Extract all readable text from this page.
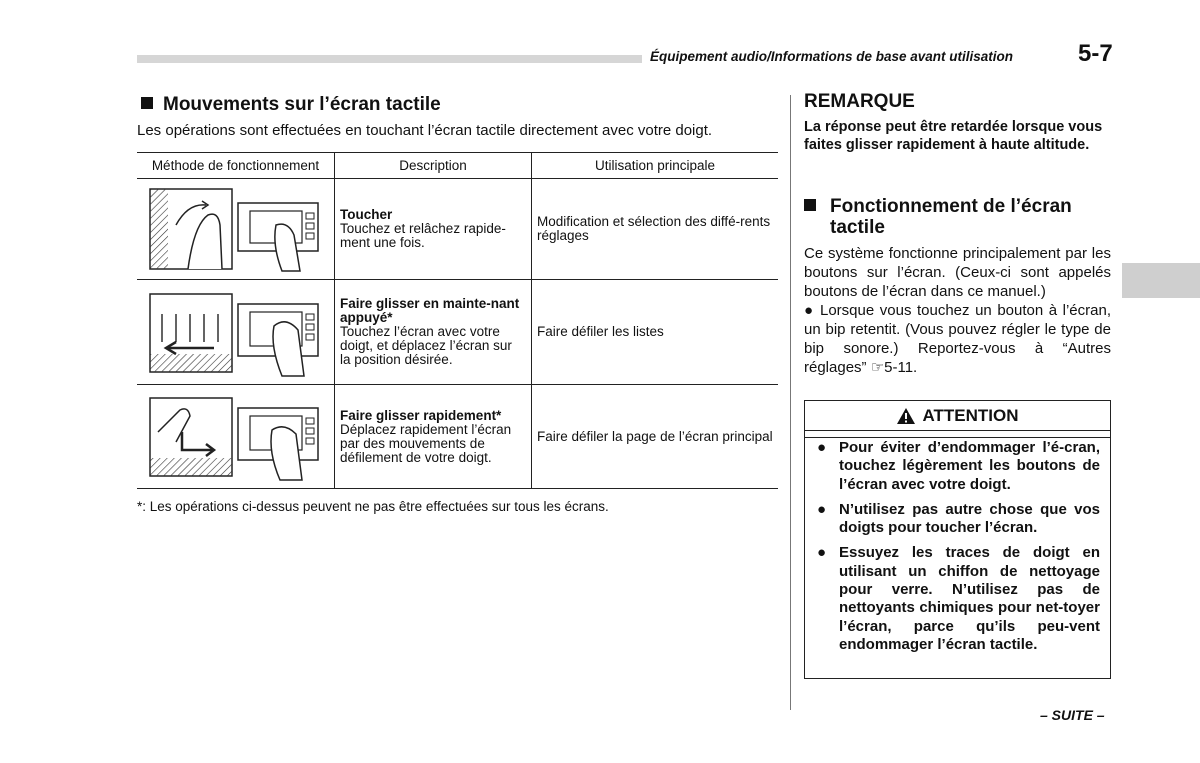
Équipement audio/Informations de base avant utilisation	5-7
Mouvements sur l’écran tactile
Les opérations sont effectuées en touchant l’écran tactile directement avec votre doigt.
Méthode de fonctionnement	Description	Utilisation principale

Toucher
Touchez et relâchez rapide-ment une fois.	Modification et sélection des diffé-rents réglages

Faire glisser en mainte-nant appuyé*
Touchez l’écran avec votre doigt, et déplacez l’écran sur la position désirée.	Faire défiler les listes

Faire glisser rapidement*
Déplacez rapidement l’écran par des mouvements de défilement de votre doigt.	Faire défiler la page de l’écran principal
*: Les opérations ci-dessus peuvent ne pas être effectuées sur tous les écrans.
REMARQUE
La réponse peut être retardée lorsque vous faites glisser rapidement à haute altitude.
Fonctionnement de l’écran
tactile

Ce système fonctionne principalement par les boutons sur l’écran. (Ceux-ci sont appelés boutons de l’écran dans ce manuel.)

● Lorsque vous touchez un bouton à l’écran, un bip retentit. (Vous pouvez régler le type de bip sonore.) Reportez-vous à “Autres réglages” ☞5-11.

ATTENTION
● Pour éviter d’endommager l’é-cran, touchez légèrement les boutons de l’écran avec votre doigt.
● N’utilisez pas autre chose que vos doigts pour toucher l’écran.
● Essuyez les traces de doigt en utilisant un chiffon de nettoyage pour verre. N’utilisez pas de nettoyants chimiques pour net-toyer l’écran, parce qu’ils peu-vent endommager l’écran tactile.
– SUITE –
